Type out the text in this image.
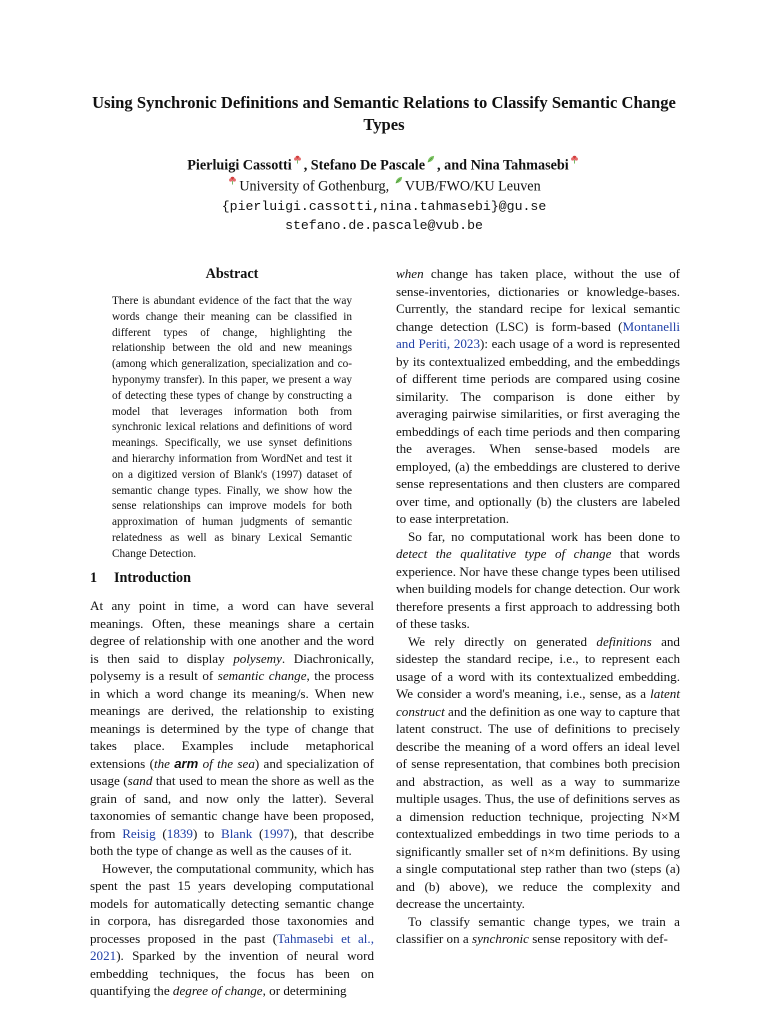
Using Synchronic Definitions and Semantic Relations to Classify Semantic Change Types
Pierluigi Cassotti , Stefano De Pascale , and Nina Tahmasebi
University of Gothenburg,
VUB/FWO/KU Leuven
{pierluigi.cassotti,nina.tahmasebi}@gu.se
stefano.de.pascale@vub.be
Abstract
There is abundant evidence of the fact that the way words change their meaning can be classified in different types of change, highlighting the relationship between the old and new meanings (among which generalization, specialization and co-hyponymy transfer). In this paper, we present a way of detecting these types of change by constructing a model that leverages information both from synchronic lexical relations and definitions of word meanings. Specifically, we use synset definitions and hierarchy information from WordNet and test it on a digitized version of Blank's (1997) dataset of semantic change types. Finally, we show how the sense relationships can improve models for both approximation of human judgments of semantic relatedness as well as binary Lexical Semantic Change Detection.
1 Introduction

At any point in time, a word can have several meanings. Often, these meanings share a certain degree of relationship with one another and the word is then said to display polysemy. Diachronically, polysemy is a result of semantic change, the process in which a word change its meaning/s. When new meanings are derived, the relationship to existing meanings is determined by the type of change that takes place. Examples include metaphorical extensions (the arm of the sea) and specialization of usage (sand that used to mean the shore as well as the grain of sand, and now only the latter). Several taxonomies of semantic change have been proposed, from Reisig (1839) to Blank (1997), that describe both the type of change as well as the causes of it.

However, the computational community, which has spent the past 15 years developing computational models for automatically detecting semantic change in corpora, has disregarded those taxonomies and processes proposed in the past (Tahmasebi et al., 2021). Sparked by the invention of neural word embedding techniques, the focus has been on quantifying the degree of change, or determining

when change has taken place, without the use of sense-inventories, dictionaries or knowledge-bases. Currently, the standard recipe for lexical semantic change detection (LSC) is form-based (Montanelli and Periti, 2023): each usage of a word is represented by its contextualized embedding, and the embeddings of different time periods are compared using cosine similarity. The comparison is done either by averaging pairwise similarities, or first averaging the embeddings of each time periods and then comparing the averages. When sense-based models are employed, (a) the embeddings are clustered to derive sense representations and then clusters are compared over time, and optionally (b) the clusters are labeled to ease interpretation.

So far, no computational work has been done to detect the qualitative type of change that words experience. Nor have these change types been utilised when building models for change detection. Our work therefore presents a first approach to addressing both of these tasks.

We rely directly on generated definitions and sidestep the standard recipe, i.e., to represent each usage of a word with its contextualized embedding. We consider a word's meaning, i.e., sense, as a latent construct and the definition as one way to capture that latent construct. The use of definitions to precisely describe the meaning of a word offers an ideal level of sense representation, that combines both precision and abstraction, as well as a way to summarize multiple usages. Thus, the use of definitions serves as a dimension reduction technique, projecting N×M contextualized embeddings in two time periods to a significantly smaller set of n×m definitions. By using a single computational step rather than two (steps (a) and (b) above), we reduce the complexity and decrease the uncertainty.

To classify semantic change types, we train a classifier on a synchronic sense repository with def-
